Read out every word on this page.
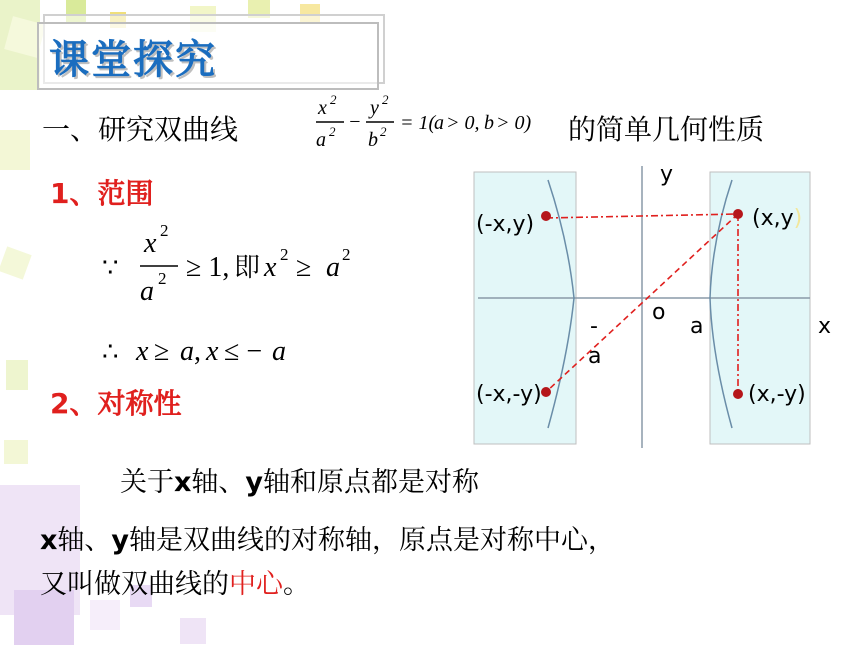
课堂探究
一、研究双曲线
x 2
a 2 −
y 2
b 2 = 1(
a > 0, b > 0) 的简单几何性质
1、范围
∵
x 2
a 2 ≥ 1, 即 x 2 ≥ a 2
∴ x ≥ a , x ≤ − a
2、对称性
关于x轴、y轴和原点都是对称
x轴、y轴是双曲线的对称轴，原点是对称中心，
又叫做双曲线的中心。
y
x
o
a
-
a
(-x,y)	(x,y)
(-x,-y)	(x,-y)
